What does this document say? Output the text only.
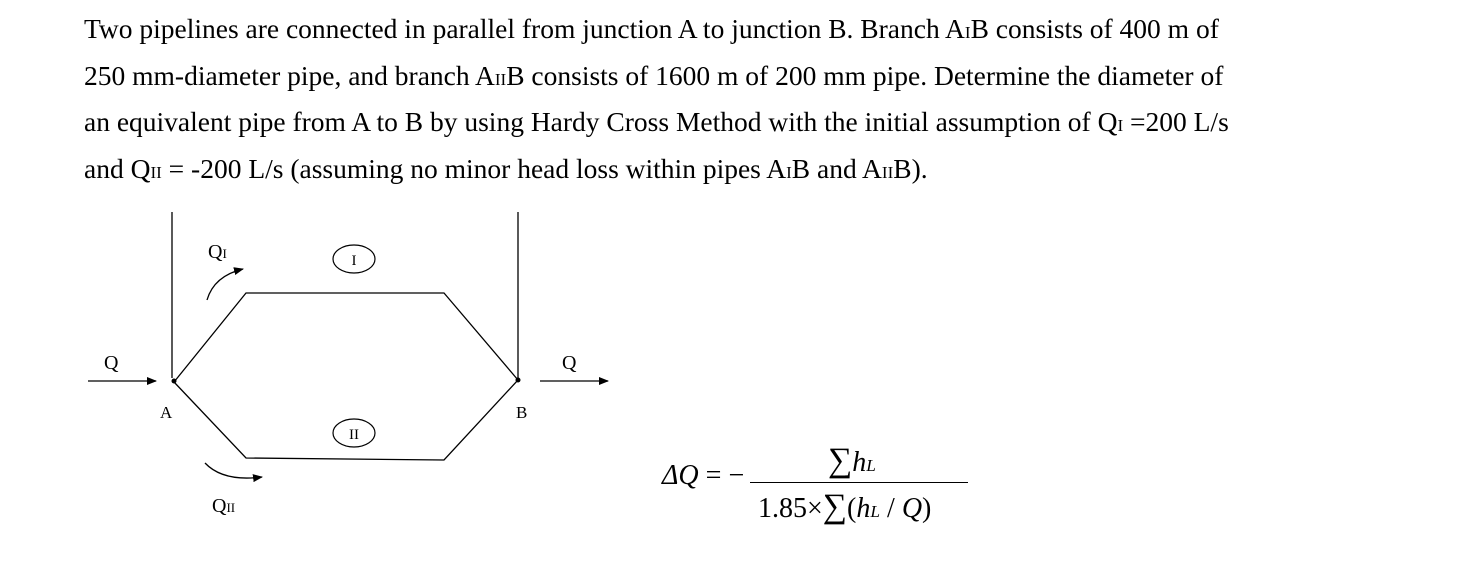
Two pipelines are connected in parallel from junction A to junction B. Branch AIB consists of 400 m of
250 mm-diameter pipe, and branch AIIB consists of 1600 m of 200 mm pipe. Determine the diameter of
an equivalent pipe from A to B by using Hardy Cross Method with the initial assumption of QI =200 L/s
and QII = -200 L/s (assuming no minor head loss within pipes AIB and AIIB).

Q	Q
A	B
QI
QII
I
II
ΔQ = − ∑hL
1.85×∑(hL / Q)
